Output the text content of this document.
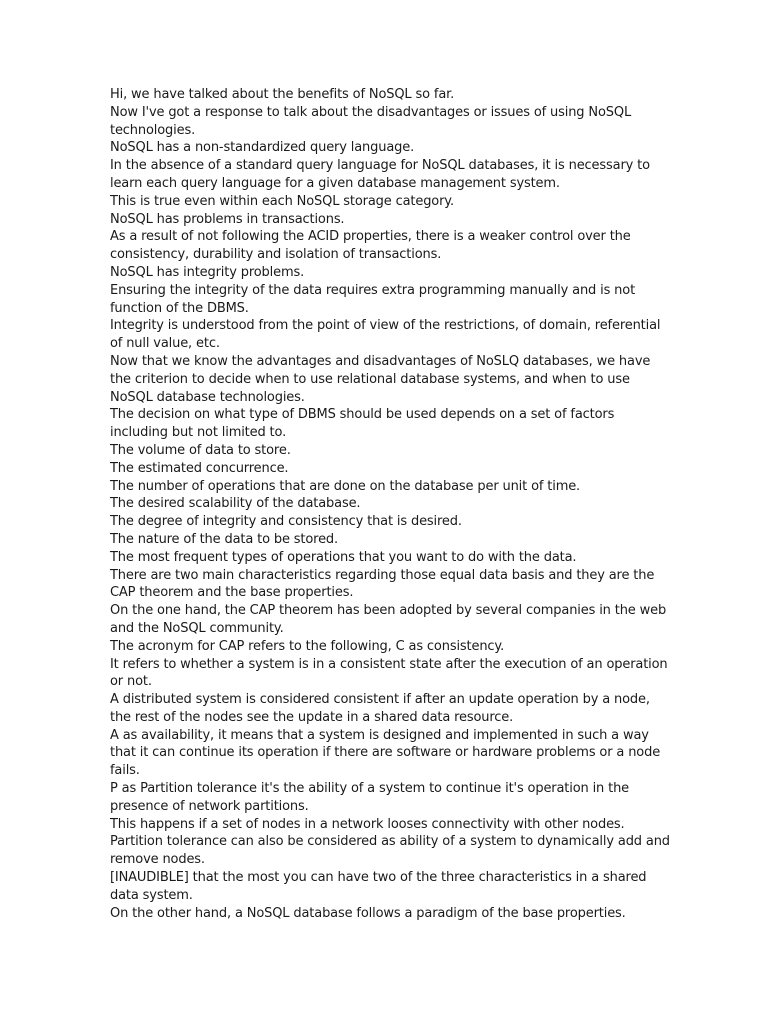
Hi, we have talked about the benefits of NoSQL so far.

Now I've got a response to talk about the disadvantages or issues of using NoSQL technologies.

NoSQL has a non-standardized query language.

In the absence of a standard query language for NoSQL databases, it is necessary to learn each query language for a given database management system.

This is true even within each NoSQL storage category.

NoSQL has problems in transactions.

As a result of not following the ACID properties, there is a weaker control over the consistency, durability and isolation of transactions.

NoSQL has integrity problems.

Ensuring the integrity of the data requires extra programming manually and is not function of the DBMS.

Integrity is understood from the point of view of the restrictions, of domain, referential of null value, etc.

Now that we know the advantages and disadvantages of NoSLQ databases, we have the criterion to decide when to use relational database systems, and when to use NoSQL database technologies.

The decision on what type of DBMS should be used depends on a set of factors including but not limited to.

The volume of data to store.

The estimated concurrence.

The number of operations that are done on the database per unit of time.

The desired scalability of the database.

The degree of integrity and consistency that is desired.

The nature of the data to be stored.

The most frequent types of operations that you want to do with the data.

There are two main characteristics regarding those equal data basis and they are the CAP theorem and the base properties.

On the one hand, the CAP theorem has been adopted by several companies in the web and the NoSQL community.

The acronym for CAP refers to the following, C as consistency.

It refers to whether a system is in a consistent state after the execution of an operation or not.

A distributed system is considered consistent if after an update operation by a node, the rest of the nodes see the update in a shared data resource.

A as availability, it means that a system is designed and implemented in such a way that it can continue its operation if there are software or hardware problems or a node fails.

P as Partition tolerance it's the ability of a system to continue it's operation in the presence of network partitions.

This happens if a set of nodes in a network looses connectivity with other nodes.

Partition tolerance can also be considered as ability of a system to dynamically add and remove nodes.

[INAUDIBLE] that the most you can have two of the three characteristics in a shared data system.

On the other hand, a NoSQL database follows a paradigm of the base properties.
